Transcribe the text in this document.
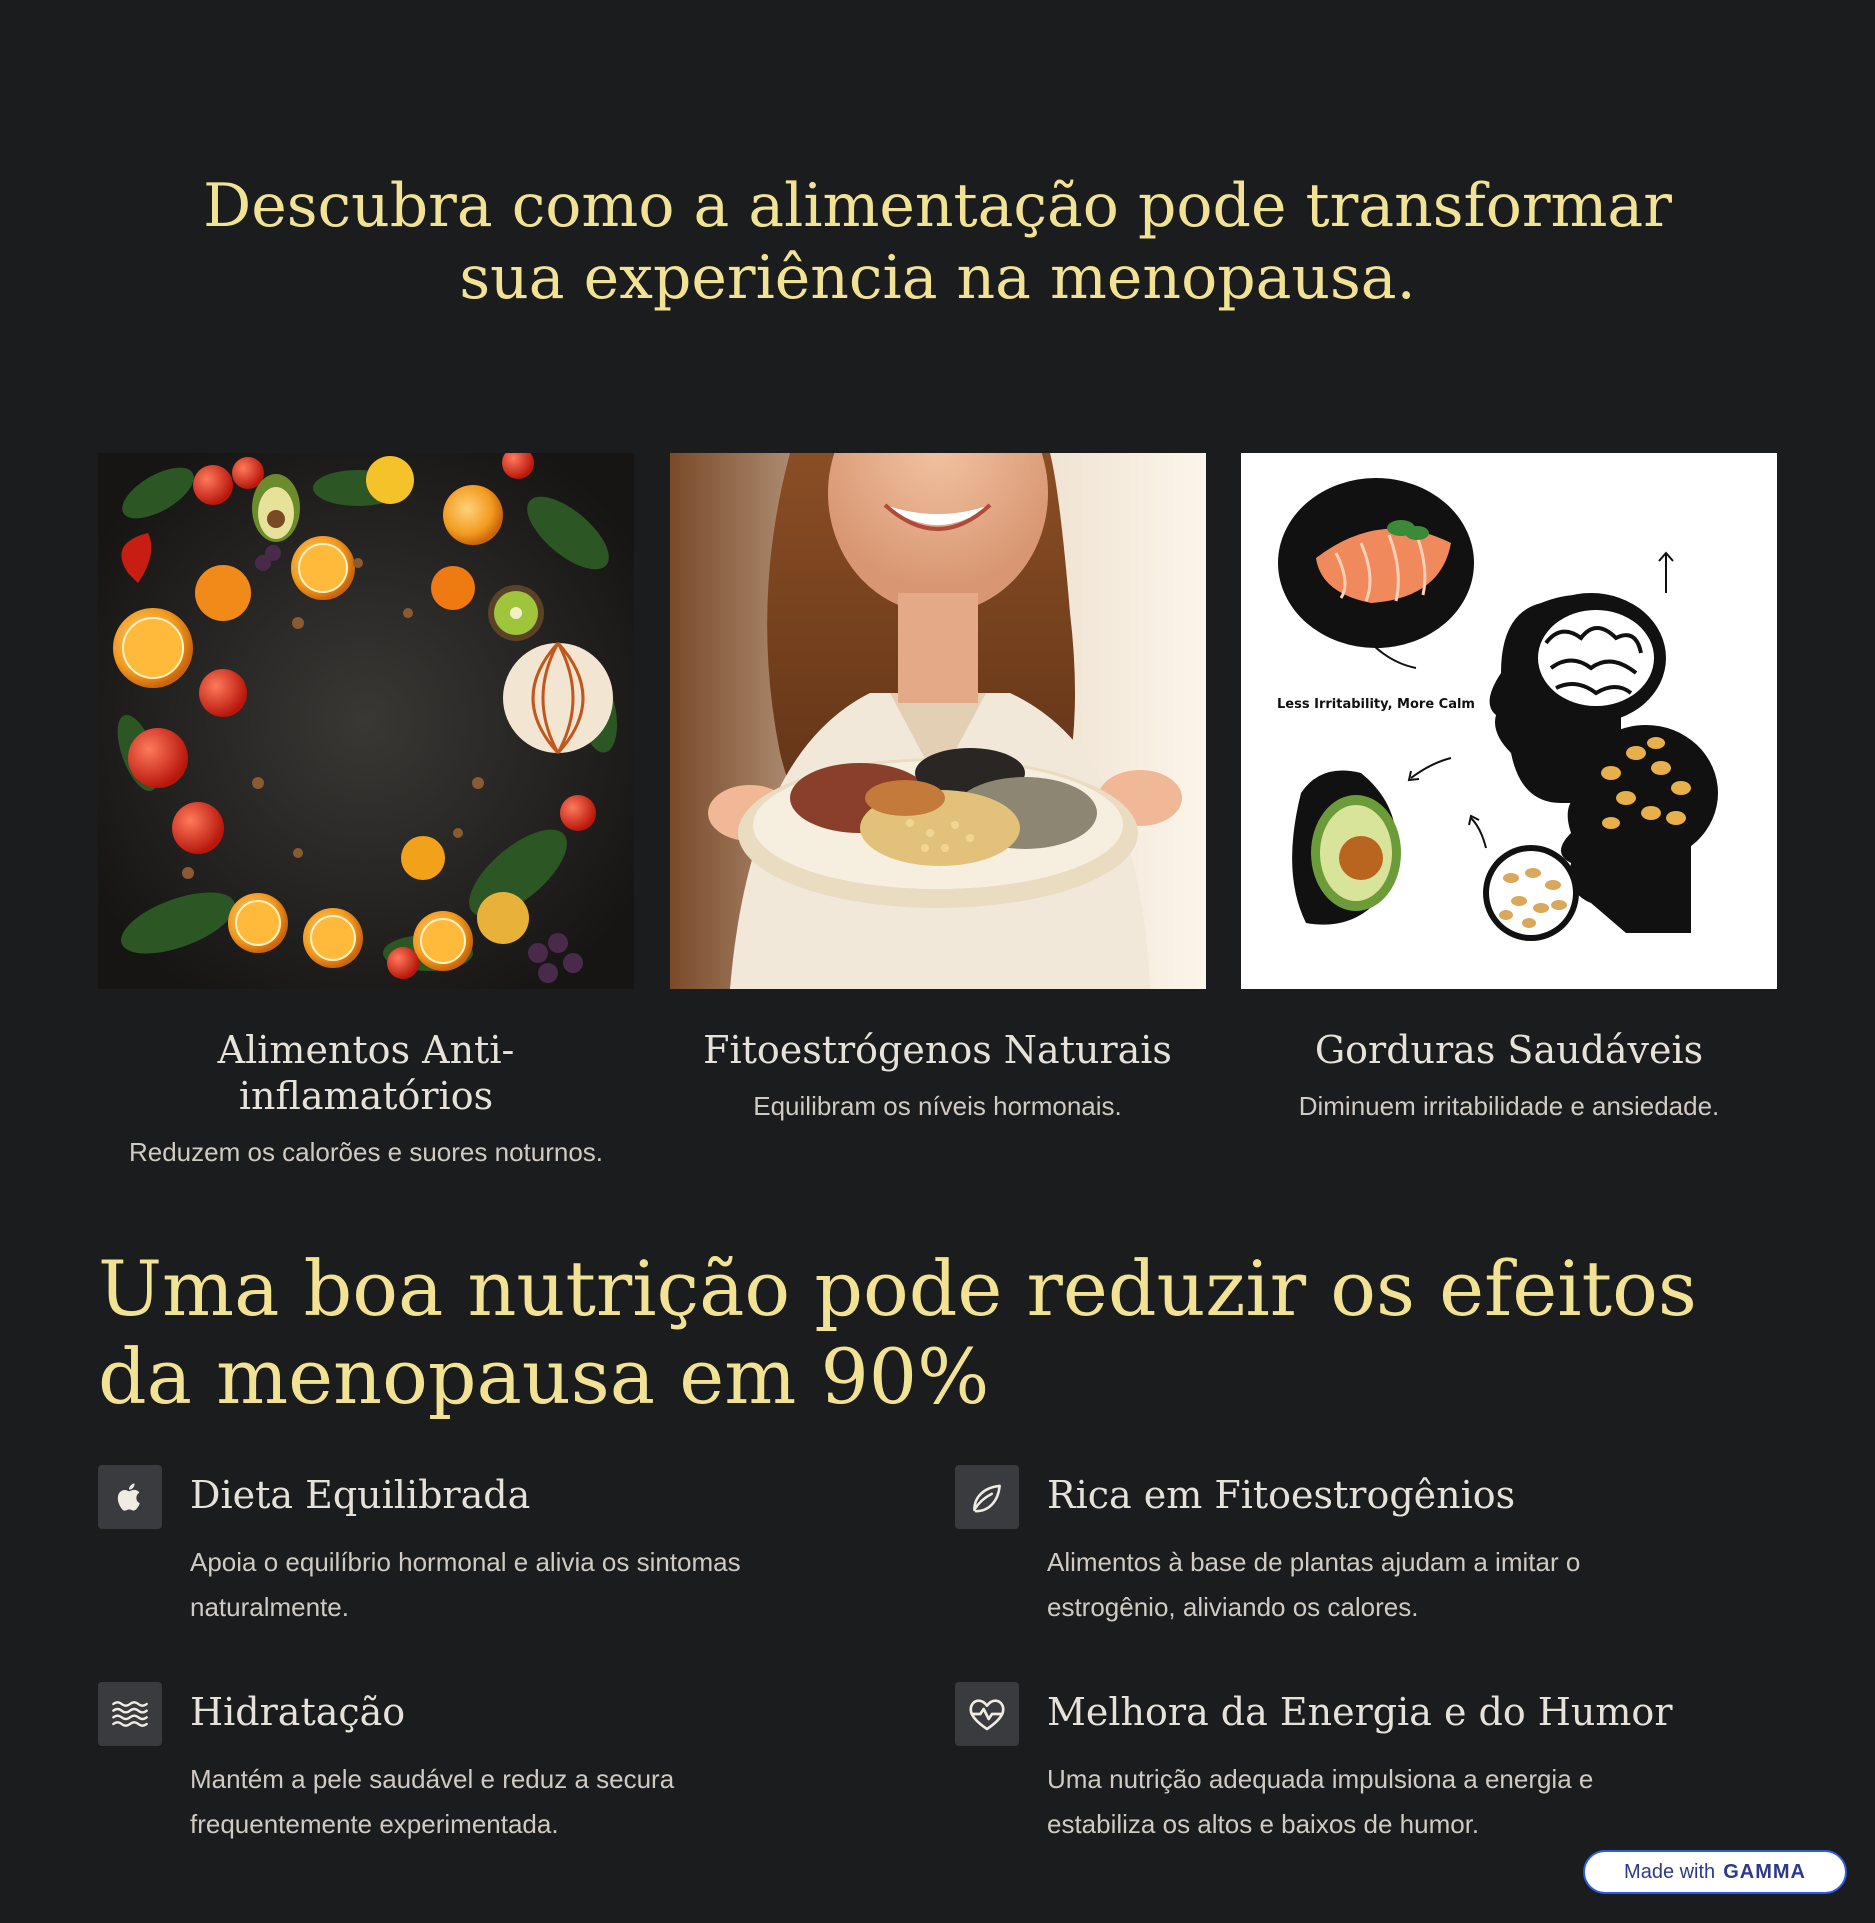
Descubra como a alimentação pode transformar sua experiência na menopausa.
Alimentos Anti-inflamatórios
Reduzem os calorões e suores noturnos.
Fitoestrógenos Naturais
Equilibram os níveis hormonais.
Less Irritability, More Calm
Gorduras Saudáveis
Diminuem irritabilidade e ansiedade.
Uma boa nutrição pode reduzir os efeitos da menopausa em 90%
Dieta Equilibrada
Apoia o equilíbrio hormonal e alivia os sintomas naturalmente.
Rica em Fitoestrogênios
Alimentos à base de plantas ajudam a imitar o estrogênio, aliviando os calores.
Hidratação
Mantém a pele saudável e reduz a secura frequentemente experimentada.
Melhora da Energia e do Humor
Uma nutrição adequada impulsiona a energia e estabiliza os altos e baixos de humor.
Made with GAMMA
